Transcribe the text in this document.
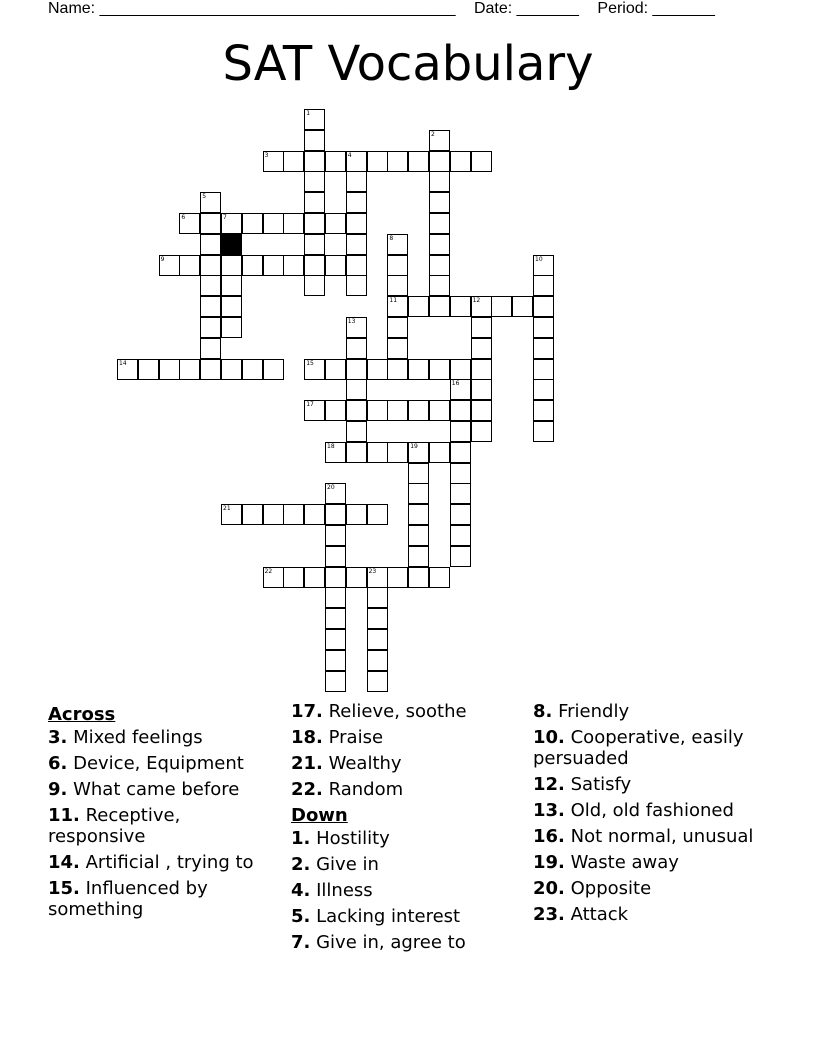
Name: ________________________________________ Date: _______ Period: _______
SAT Vocabulary
1
2
3	4
5
6	7
8
11
9	10
12
13
14	15
16
17
18	19
20
21
22	23
Across
3. Mixed feelings
6. Device, Equipment
9. What came before
11. Receptive, responsive
14. Artificial , trying to
15. Influenced by something
17. Relieve, soothe
18. Praise
21. Wealthy
22. Random
Down
1. Hostility
2. Give in
4. Illness
5. Lacking interest
7. Give in, agree to
8. Friendly
10. Cooperative, easily persuaded
12. Satisfy
13. Old, old fashioned
16. Not normal, unusual
19. Waste away
20. Opposite
23. Attack
